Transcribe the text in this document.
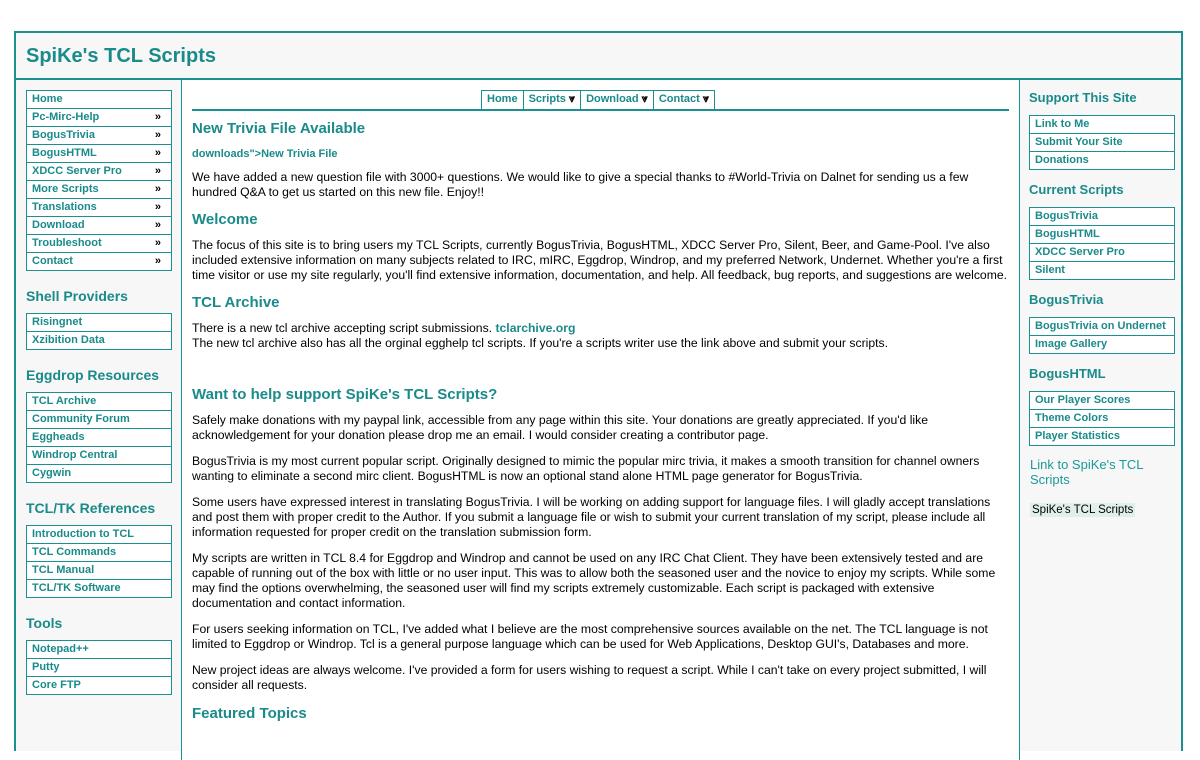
SpiKe's TCL Scripts
Home
Pc-Mirc-Help	»
BogusTrivia	»
BogusHTML	»
XDCC Server Pro	»
More Scripts	»
Translations	»
Download	»
Troubleshoot	»
Contact	»
Shell Providers
Risingnet
Xzibition Data
Eggdrop Resources
TCL Archive
Community Forum
Eggheads
Windrop Central
Cygwin
TCL/TK References
Introduction to TCL
TCL Commands
TCL Manual
TCL/TK Software
Tools
Notepad++
Putty
Core FTP
Home	Scripts ⩔	Download ⩔	Contact ⩔
New Trivia File Available

downloads">New Trivia File

We have added a new question file with 3000+ questions. We would like to give a special thanks to #World-Trivia on Dalnet for sending us a few hundred Q&A to get us started on this new file. Enjoy!!

Welcome

The focus of this site is to bring users my TCL Scripts, currently BogusTrivia, BogusHTML, XDCC Server Pro, Silent, Beer, and Game-Pool. I've also included extensive information on many subjects related to IRC, mIRC, Eggdrop, Windrop, and my preferred Network, Undernet. Whether you're a first time visitor or use my site regularly, you'll find extensive information, documentation, and help. All feedback, bug reports, and suggestions are welcome.

TCL Archive

There is a new tcl archive accepting script submissions. tclarchive.org
The new tcl archive also has all the orginal egghelp tcl scripts. If you're a scripts writer use the link above and submit your scripts.

Want to help support SpiKe's TCL Scripts?

Safely make donations with my paypal link, accessible from any page within this site. Your donations are greatly appreciated. If you'd like acknowledgement for your donation please drop me an email. I would consider creating a contributor page.

BogusTrivia is my most current popular script. Originally designed to mimic the popular mirc trivia, it makes a smooth transition for channel owners wanting to eliminate a second mirc client. BogusHTML is now an optional stand alone HTML page generator for BogusTrivia.

Some users have expressed interest in translating BogusTrivia. I will be working on adding support for language files. I will gladly accept translations and post them with proper credit to the Author. If you submit a language file or wish to submit your current translation of my script, please include all information requested for proper credit on the translation submission form.

My scripts are written in TCL 8.4 for Eggdrop and Windrop and cannot be used on any IRC Chat Client. They have been extensively tested and are capable of running out of the box with little or no user input. This was to allow both the seasoned user and the novice to enjoy my scripts. While some may find the options overwhelming, the seasoned user will find my scripts extremely customizable. Each script is packaged with extensive documentation and contact information.

For users seeking information on TCL, I've added what I believe are the most comprehensive sources available on the net. The TCL language is not limited to Eggdrop or Windrop. Tcl is a general purpose language which can be used for Web Applications, Desktop GUI's, Databases and more.

New project ideas are always welcome. I've provided a form for users wishing to request a script. While I can't take on every project submitted, I will consider all requests.

Featured Topics
Support This Site
Link to Me
Submit Your Site
Donations
Current Scripts
BogusTrivia
BogusHTML
XDCC Server Pro
Silent
BogusTrivia
BogusTrivia on Undernet
Image Gallery
BogusHTML
Our Player Scores
Theme Colors
Player Statistics

Link to SpiKe's TCL Scripts

SpiKe's TCL Scripts
